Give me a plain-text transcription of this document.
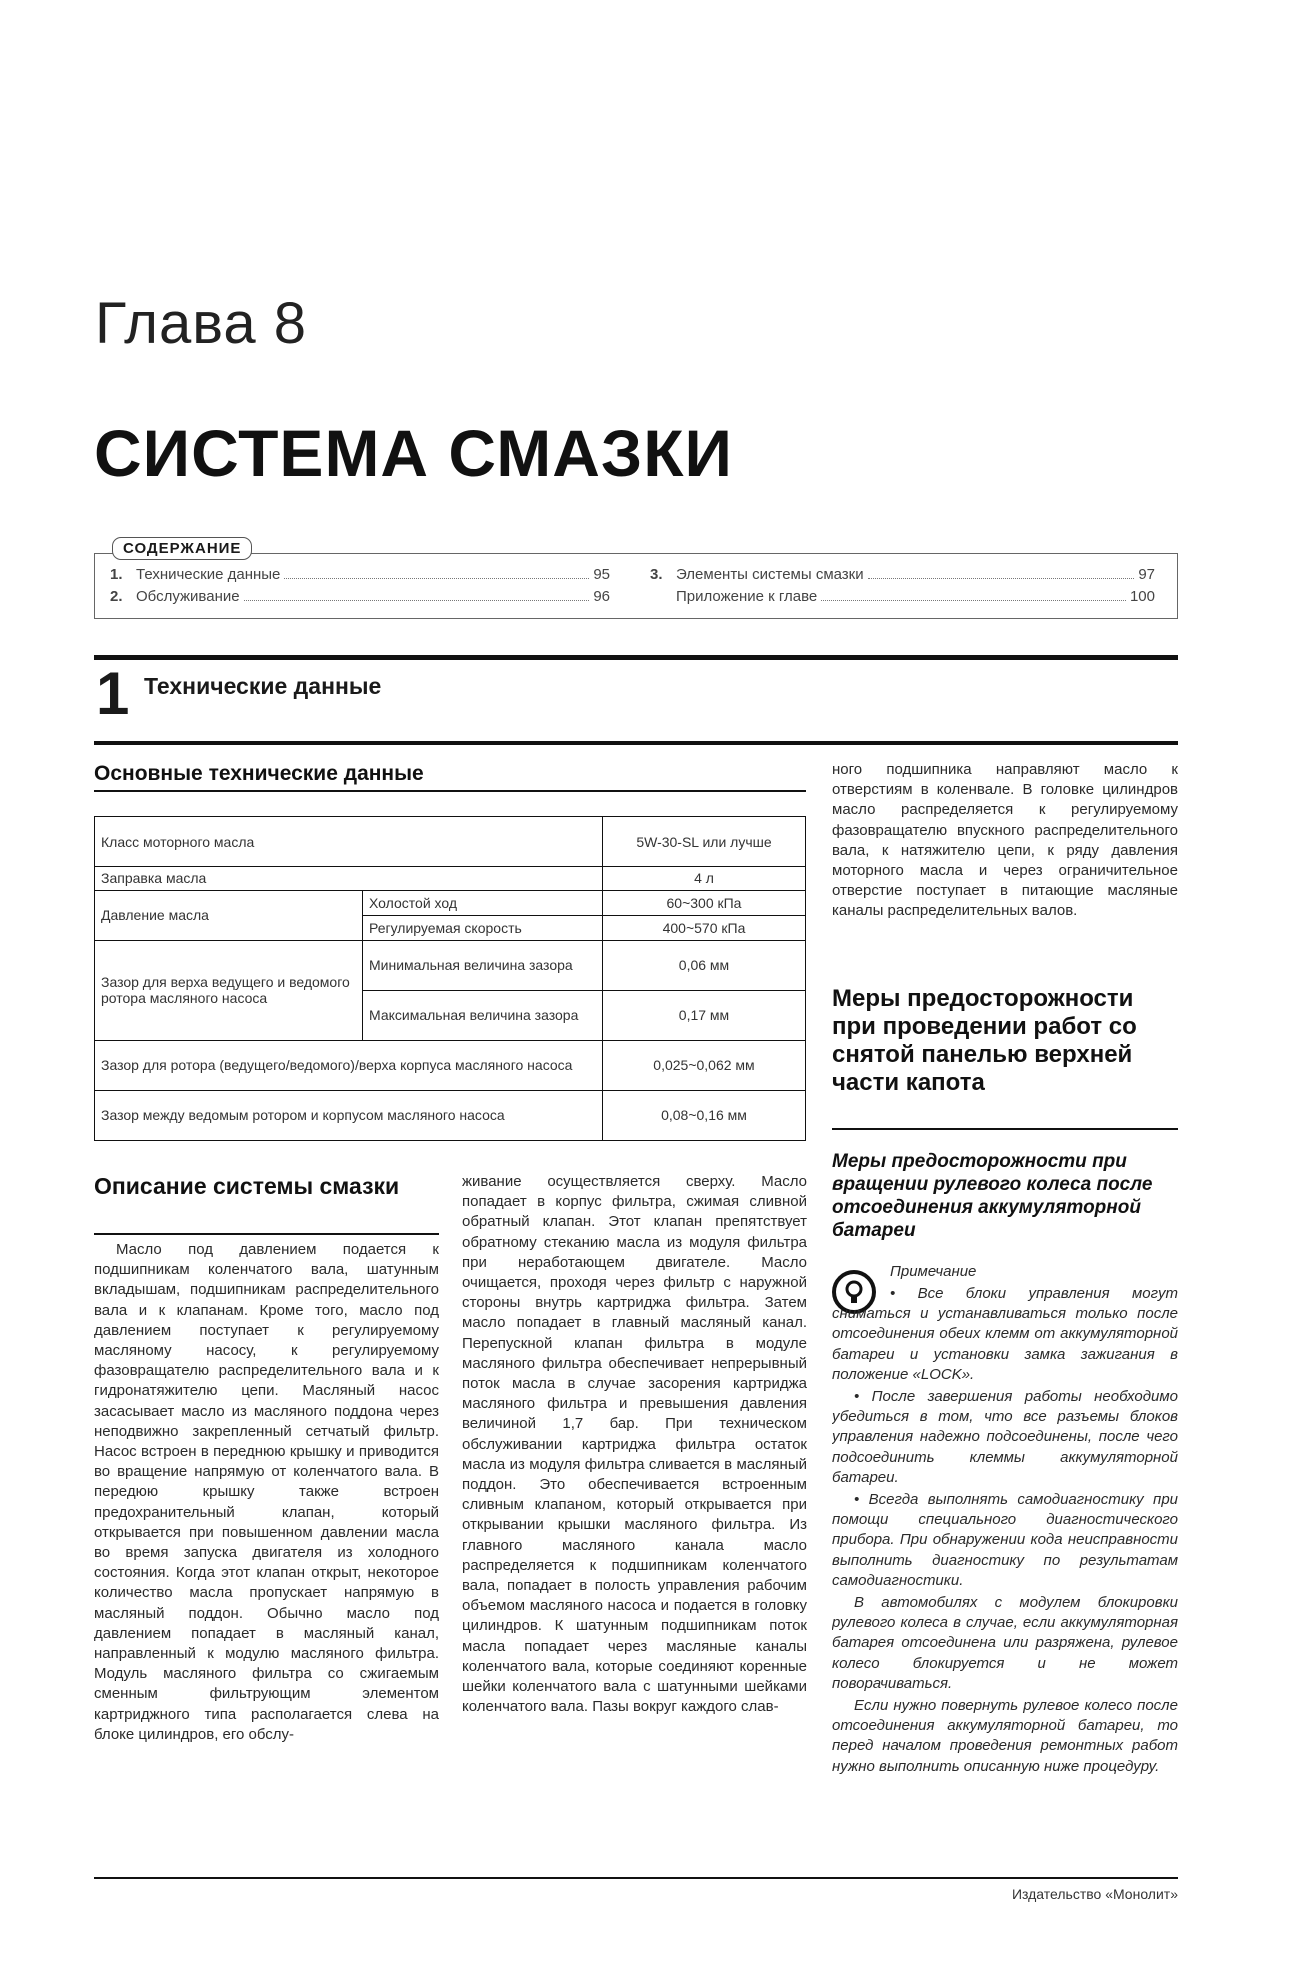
Глава 8
СИСТЕМА СМАЗКИ
СОДЕРЖАНИЕ
1. Технические данные	95
2. Обслуживание	96
3. Элементы системы смазки	97
Приложение к главе	100
1 Технические данные
Основные технические данные
Класс моторного масла		5W-30-SL или лучше
Заправка масла		4 л
Давление масла	Холостой ход	60~300 кПа
	Регулируемая скорость	400~570 кПа
Зазор для верха ведущего и ведомого ротора масляного насоса	Минимальная величина зазора	0,06 мм
	Максимальная величина зазора	0,17 мм
Зазор для ротора (ведущего/ведомого)/верха корпуса масляного насоса		0,025~0,062 мм
Зазор между ведомым ротором и корпусом масляного насоса		0,08~0,16 мм
Описание системы смазки

Масло под давлением подается к подшипникам коленчатого вала, шатунным вкладышам, подшипникам распределительного вала и к клапанам. Кроме того, масло под давлением поступает к регулируемому масляному насосу, к регулируемому фазовращателю распределительного вала и к гидронатяжителю цепи. Масляный насос засасывает масло из масляного поддона через неподвижно закрепленный сетчатый фильтр. Насос встроен в переднюю крышку и приводится во вращение напрямую от коленчатого вала. В передюю крышку также встроен предохранительный клапан, который открывается при повышенном давлении масла во время запуска двигателя из холодного состояния. Когда этот клапан открыт, некоторое количество масла пропускает напрямую в масляный поддон. Обычно масло под давлением попадает в масляный канал, направленный к модулю масляного фильтра. Модуль масляного фильтра со сжигаемым сменным фильтрующим элементом картриджного типа располагается слева на блоке цилиндров, его обслу-

живание осуществляется сверху. Масло попадает в корпус фильтра, сжимая сливной обратный клапан. Этот клапан препятствует обратному стеканию масла из модуля фильтра при неработающем двигателе. Масло очищается, проходя через фильтр с наружной стороны внутрь картриджа фильтра. Затем масло попадает в главный масляный канал. Перепускной клапан фильтра в модуле масляного фильтра обеспечивает непрерывный поток масла в случае засорения картриджа масляного фильтра и превышения давления величиной 1,7 бар. При техническом обслуживании картриджа фильтра остаток масла из модуля фильтра сливается в масляный поддон. Это обеспечивается встроенным сливным клапаном, который открывается при открывании крышки масляного фильтра. Из главного масляного канала масло распределяется к подшипникам коленчатого вала, попадает в полость управления рабочим объемом масляного насоса и подается в головку цилиндров. К шатунным подшипникам поток масла попадает через масляные каналы коленчатого вала, которые соединяют коренные шейки коленчатого вала с шатунными шейками коленчатого вала. Пазы вокруг каждого слав-

ного подшипника направляют масло к отверстиям в коленвале. В головке цилиндров масло распределяется к регулируемому фазовращателю впускного распределительного вала, к натяжителю цепи, к ряду давления моторного масла и через ограничительное отверстие поступает в питающие масляные каналы распределительных валов.

Меры предосторожности при проведении работ со снятой панелью верхней части капота
Меры предосторожности при вращении рулевого колеса после отсоединения аккумуляторной батареи

Примечание

• Все блоки управления могут сниматься и устанавливаться только после отсоединения обеих клемм от аккумуляторной батареи и установки замка зажигания в положение «LOCK».

• После завершения работы необходимо убедиться в том, что все разъемы блоков управления надежно подсоединены, после чего подсоединить клеммы аккумуляторной батареи.

• Всегда выполнять самодиагностику при помощи специального диагностического прибора. При обнаружении кода неисправности выполнить диагностику по результатам самодиагностики.

В автомобилях с модулем блокировки рулевого колеса в случае, если аккумуляторная батарея отсоединена или разряжена, рулевое колесо блокируется и не может поворачиваться.

Если нужно повернуть рулевое колесо после отсоединения аккумуляторной батареи, то перед началом проведения ремонтных работ нужно выполнить описанную ниже процедуру.

Издательство «Монолит»
